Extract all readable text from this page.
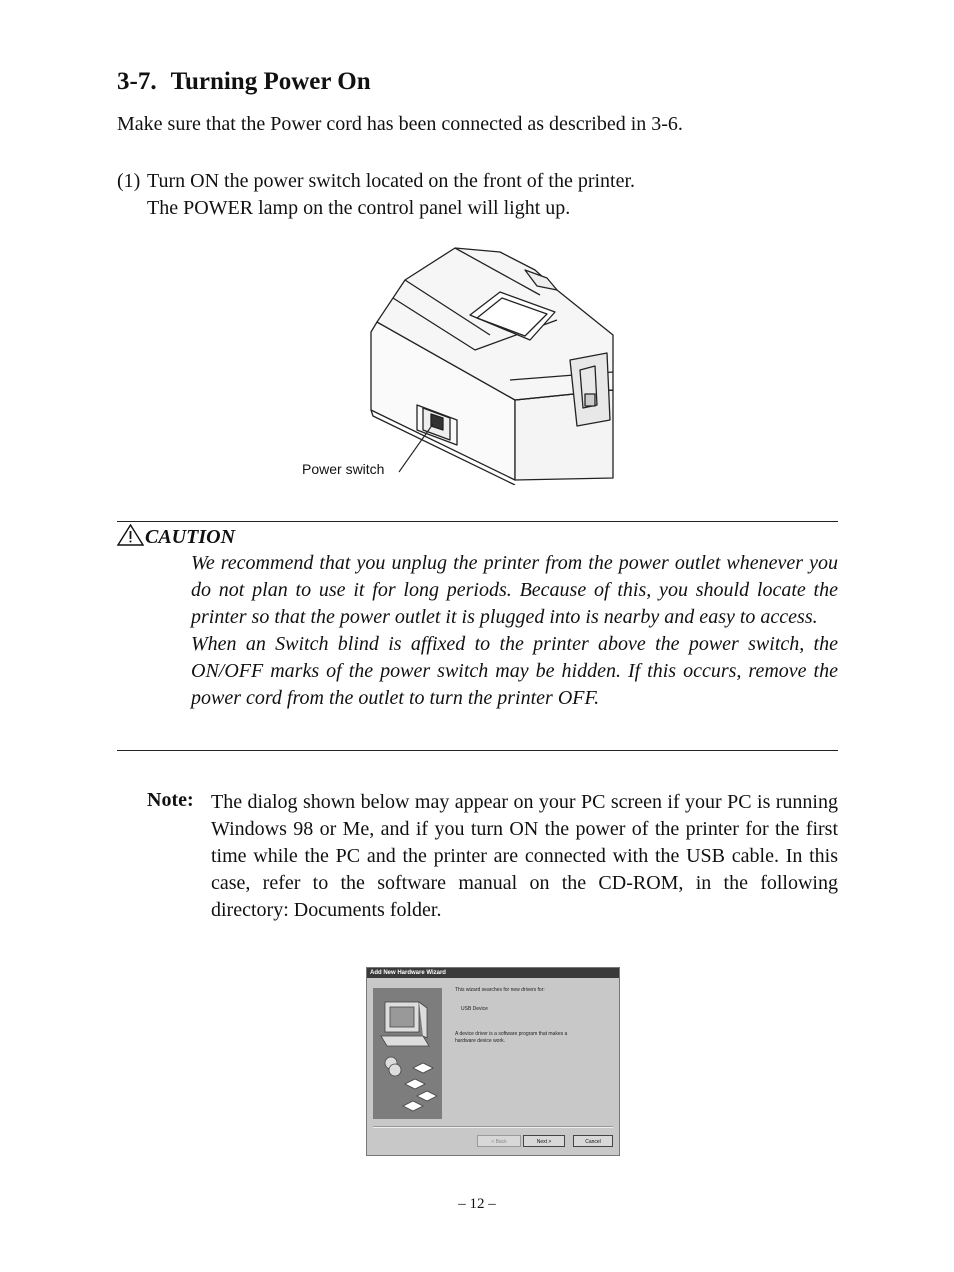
3-7. Turning Power On
Make sure that the Power cord has been connected as described in 3-6.
(1) Turn ON the power switch located on the front of the printer.
The POWER lamp on the control panel will light up.
Power switch
CAUTION

We recommend that you unplug the printer from the power outlet whenever you do not plan to use it for long periods. Because of this, you should locate the printer so that the power outlet it is plugged into is nearby and easy to access.

When an Switch blind is affixed to the printer above the power switch, the ON/OFF marks of the power switch may be hidden. If this occurs, remove the power cord from the outlet to turn the printer OFF.

Note: The dialog shown below may appear on your PC screen if your PC is running Windows 98 or Me, and if you turn ON the power of the printer for the first time while the PC and the printer are connected with the USB cable. In this case, refer to the software manual on the CD-ROM, in the following directory: Documents folder.
Add New Hardware Wizard
This wizard searches for new drivers for:
USB Device
A device driver is a software program that makes a
hardware device work.
< Back	Next >	Cancel
– 12 –
